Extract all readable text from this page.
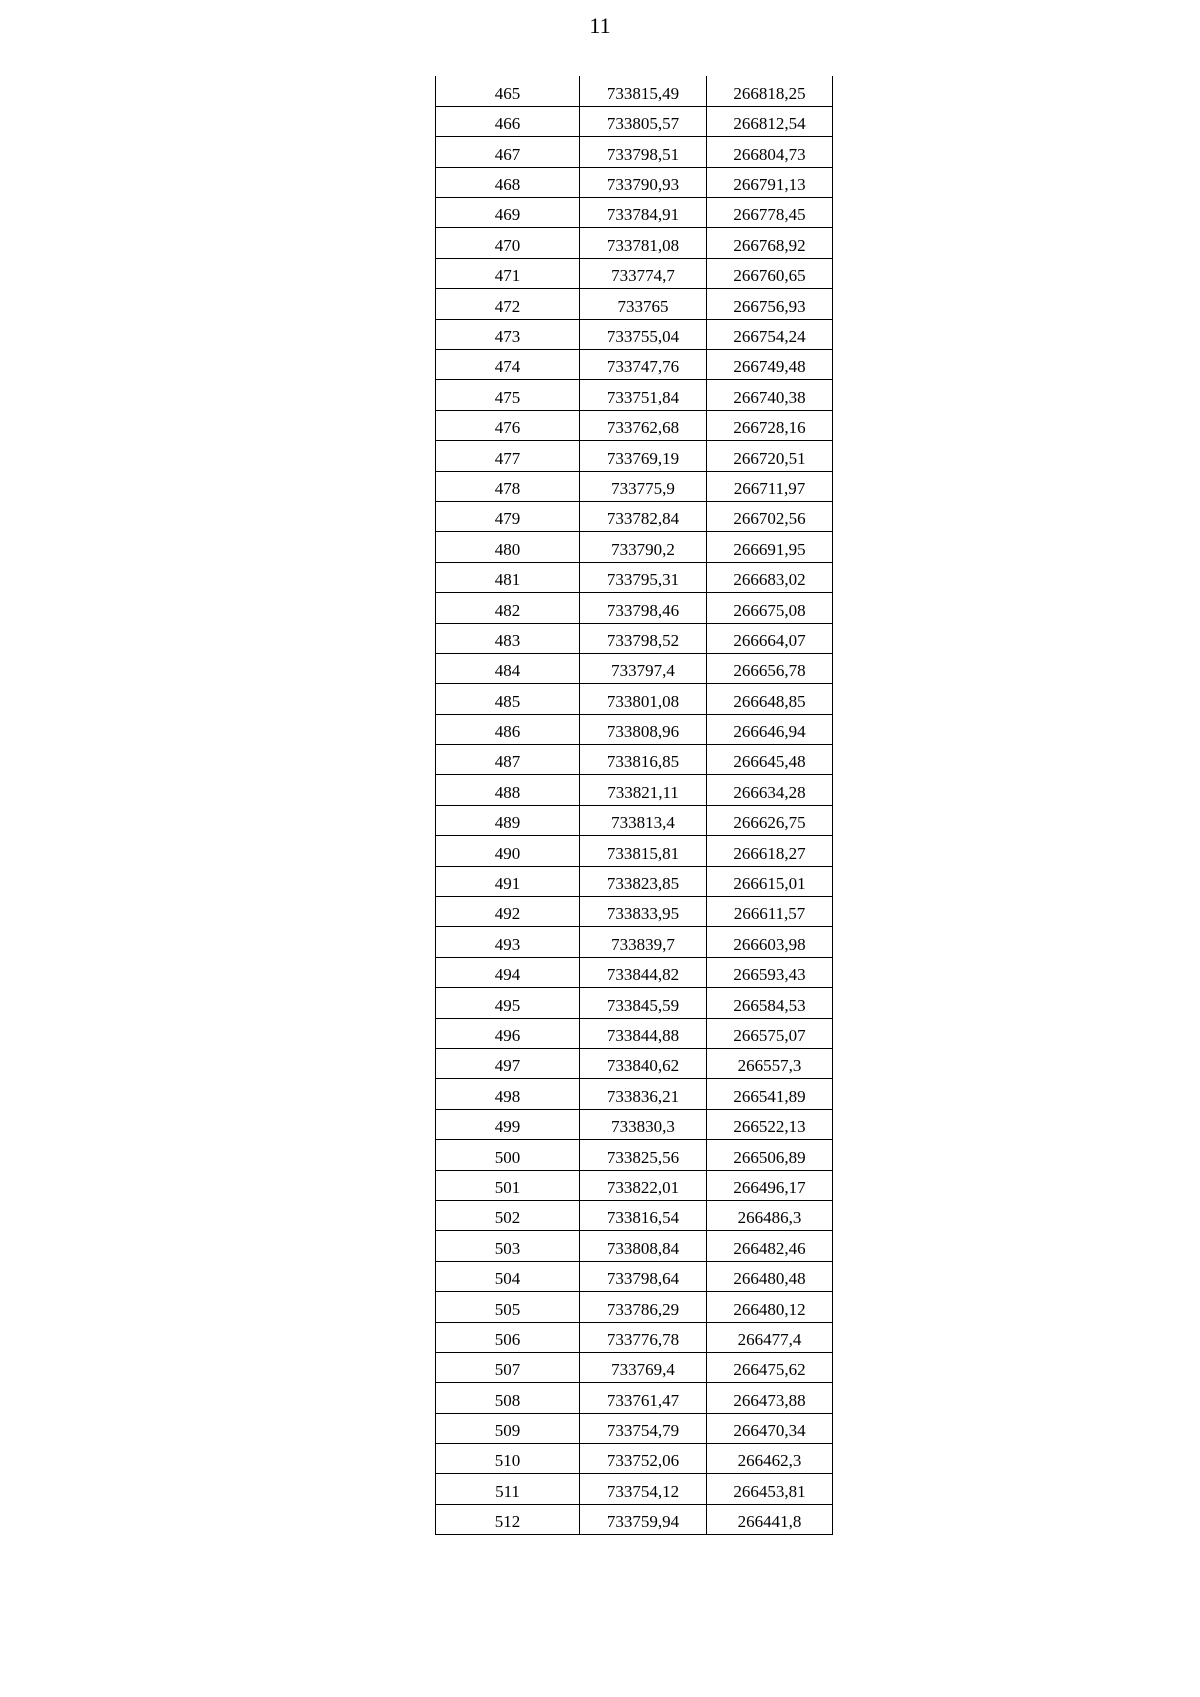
11
465	733815,49	266818,25
466	733805,57	266812,54
467	733798,51	266804,73
468	733790,93	266791,13
469	733784,91	266778,45
470	733781,08	266768,92
471	733774,7	266760,65
472	733765	266756,93
473	733755,04	266754,24
474	733747,76	266749,48
475	733751,84	266740,38
476	733762,68	266728,16
477	733769,19	266720,51
478	733775,9	266711,97
479	733782,84	266702,56
480	733790,2	266691,95
481	733795,31	266683,02
482	733798,46	266675,08
483	733798,52	266664,07
484	733797,4	266656,78
485	733801,08	266648,85
486	733808,96	266646,94
487	733816,85	266645,48
488	733821,11	266634,28
489	733813,4	266626,75
490	733815,81	266618,27
491	733823,85	266615,01
492	733833,95	266611,57
493	733839,7	266603,98
494	733844,82	266593,43
495	733845,59	266584,53
496	733844,88	266575,07
497	733840,62	266557,3
498	733836,21	266541,89
499	733830,3	266522,13
500	733825,56	266506,89
501	733822,01	266496,17
502	733816,54	266486,3
503	733808,84	266482,46
504	733798,64	266480,48
505	733786,29	266480,12
506	733776,78	266477,4
507	733769,4	266475,62
508	733761,47	266473,88
509	733754,79	266470,34
510	733752,06	266462,3
511	733754,12	266453,81
512	733759,94	266441,8
